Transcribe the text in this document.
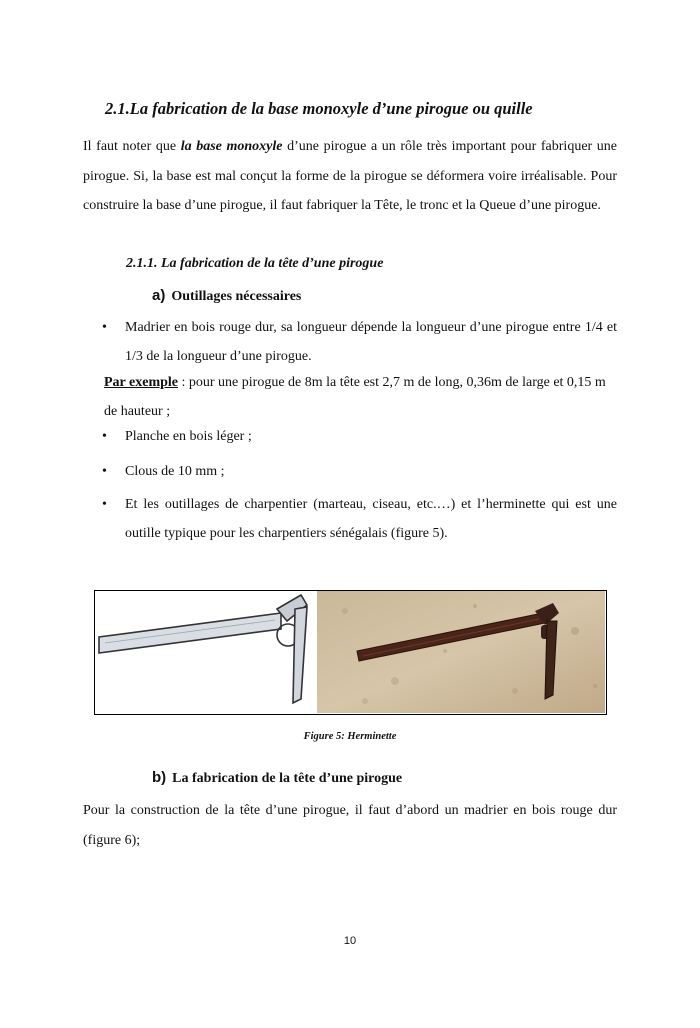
2.1.La fabrication de la base monoxyle d’une pirogue ou quille

Il faut noter que la base monoxyle d’une pirogue a un rôle très important pour fabriquer une pirogue. Si, la base est mal conçut la forme de la pirogue se déformera voire irréalisable. Pour construire la base d’une pirogue, il faut fabriquer la Tête, le tronc et la Queue d’une pirogue.

2.1.1. La fabrication de la tête d’une pirogue
a) Outillages nécessaires
• Madrier en bois rouge dur, sa longueur dépende la longueur d’une pirogue entre 1/4 et 1/3 de la longueur d’une pirogue.
Par exemple : pour une pirogue de 8m la tête est 2,7 m de long, 0,36m de large et 0,15 m de hauteur ;
• Planche en bois léger ;
• Clous de 10 mm ;
• Et les outillages de charpentier (marteau, ciseau, etc.…) et l’herminette qui est une outille typique pour les charpentiers sénégalais (figure 5).
Figure 5: Herminette
b) La fabrication de la tête d’une pirogue

Pour la construction de la tête d’une pirogue, il faut d’abord un madrier en bois rouge dur (figure 6);

10
